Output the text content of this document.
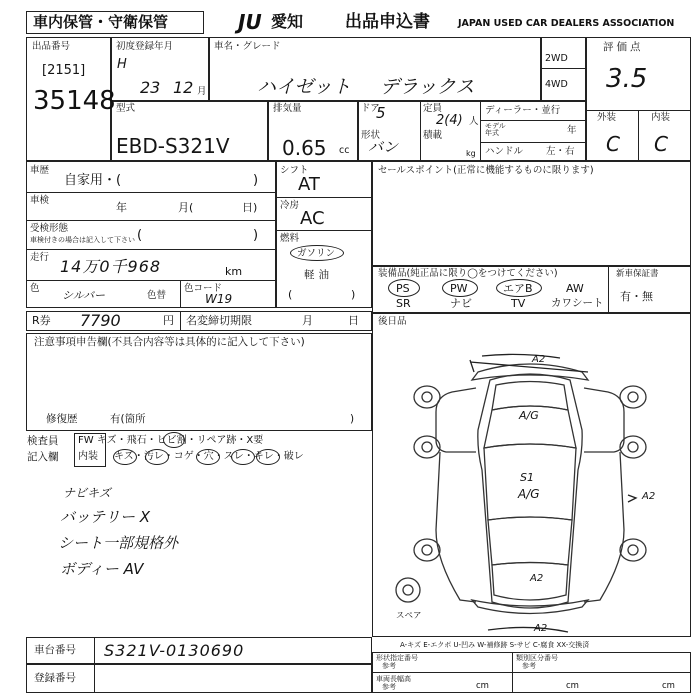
車内保管・守衛保管	JU 愛知 出品申込書	JAPAN USED CAR DEALERS ASSOCIATION
出品番号
[2151]
35148
初度登録年月
H
23 12 月
車名・グレード
ハイゼット デラックス
2WD
4WD
評価点
3.5
外装	内装
C C
型式
EBD-S321V
排気量
0.65 cc
ドア
5
形状
バン
定員
2(4) 人
積載
kg
ディーラー・並行
モデル年式	年
ハンドル 左・右
車歴
自家用・(	)
車検
年	月(	日)
受検形態
車検付きの場合は記入して下さい (	)
走行 14万0千968	km
色
シルバー	色替
色コード
W19
シフト
AT
冷房
AC
燃料
ガソリン
軽油
(	)
セールスポイント(正常に機能するものに限ります)
装備品(純正品に限り◯をつけてください)
PS	PW	エアB	AW
SR	ナビ	TV カワシート
新車保証書
有・無
R券 7790	円 名変締切期限	月	日 後日品
注意事項申告欄(不具合内容等は具体的に記入して下さい)
修復歴	有(箇所	)
検査員
記入欄
FW キズ・飛石・ヒビ割・リペア跡・X要
内装 キズ・汚レ・コゲ・穴・スレ・キレ・破レ
ナビキズ
バッテリー X
シート一部規格外
ボディー AV
A2
A/G
S1
A/G	A2
A2
A2
スペア
車台番号 S321V-0130690
登録番号
A-キズ E-エクボ U-凹み W-補修跡 S-サビ C-腐食 XX-交換済
形状指定番号
参考
類別区分番号
参考
車両長幅高
参考	cm	cm	cm
